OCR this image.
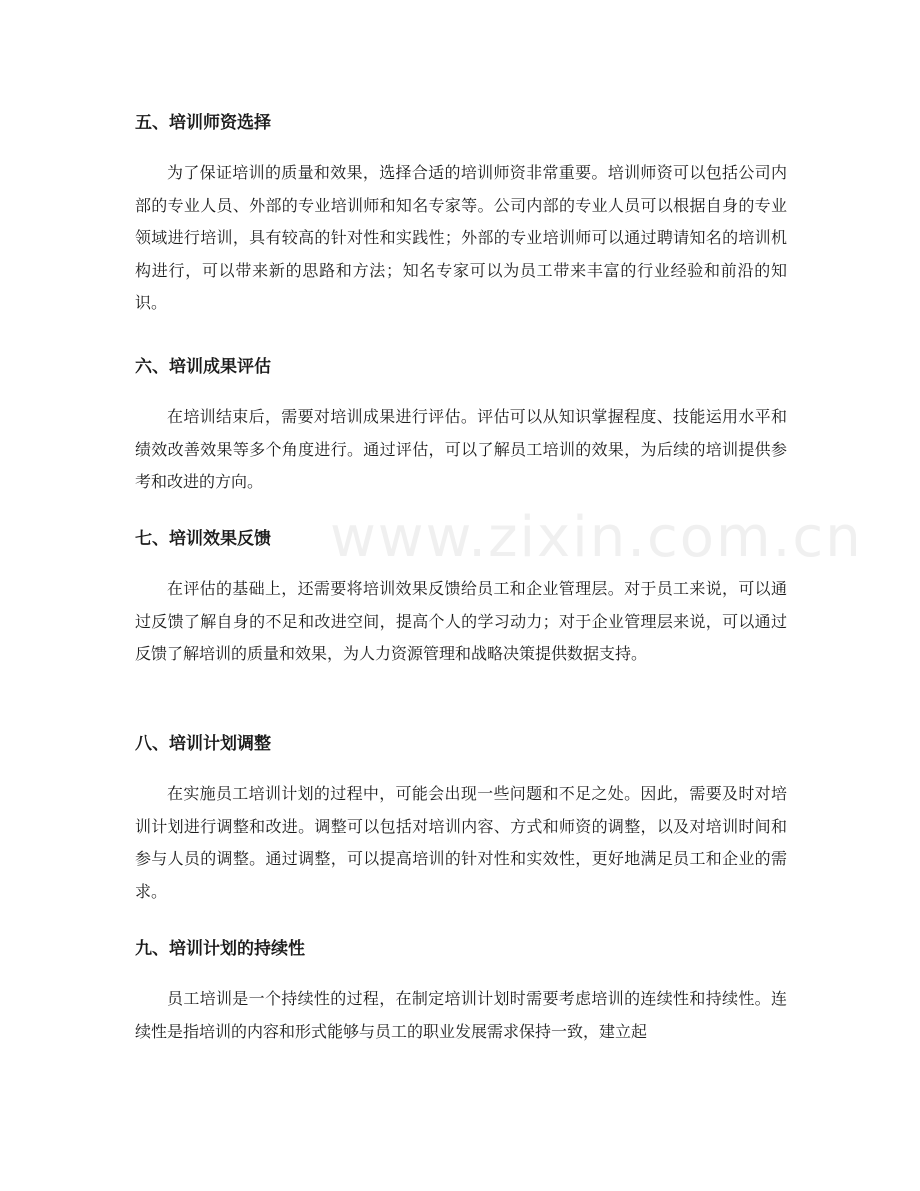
www.zixin.com.cn
五、培训师资选择

为了保证培训的质量和效果，选择合适的培训师资非常重要。培训师资可以包括公司内部的专业人员、外部的专业培训师和知名专家等。公司内部的专业人员可以根据自身的专业领域进行培训，具有较高的针对性和实践性；外部的专业培训师可以通过聘请知名的培训机构进行，可以带来新的思路和方法；知名专家可以为员工带来丰富的行业经验和前沿的知识。

六、培训成果评估

在培训结束后，需要对培训成果进行评估。评估可以从知识掌握程度、技能运用水平和绩效改善效果等多个角度进行。通过评估，可以了解员工培训的效果，为后续的培训提供参考和改进的方向。

七、培训效果反馈

在评估的基础上，还需要将培训效果反馈给员工和企业管理层。对于员工来说，可以通过反馈了解自身的不足和改进空间，提高个人的学习动力；对于企业管理层来说，可以通过反馈了解培训的质量和效果，为人力资源管理和战略决策提供数据支持。

八、培训计划调整

在实施员工培训计划的过程中，可能会出现一些问题和不足之处。因此，需要及时对培训计划进行调整和改进。调整可以包括对培训内容、方式和师资的调整，以及对培训时间和参与人员的调整。通过调整，可以提高培训的针对性和实效性，更好地满足员工和企业的需求。

九、培训计划的持续性

员工培训是一个持续性的过程，在制定培训计划时需要考虑培训的连续性和持续性。连续性是指培训的内容和形式能够与员工的职业发展需求保持一致，建立起
